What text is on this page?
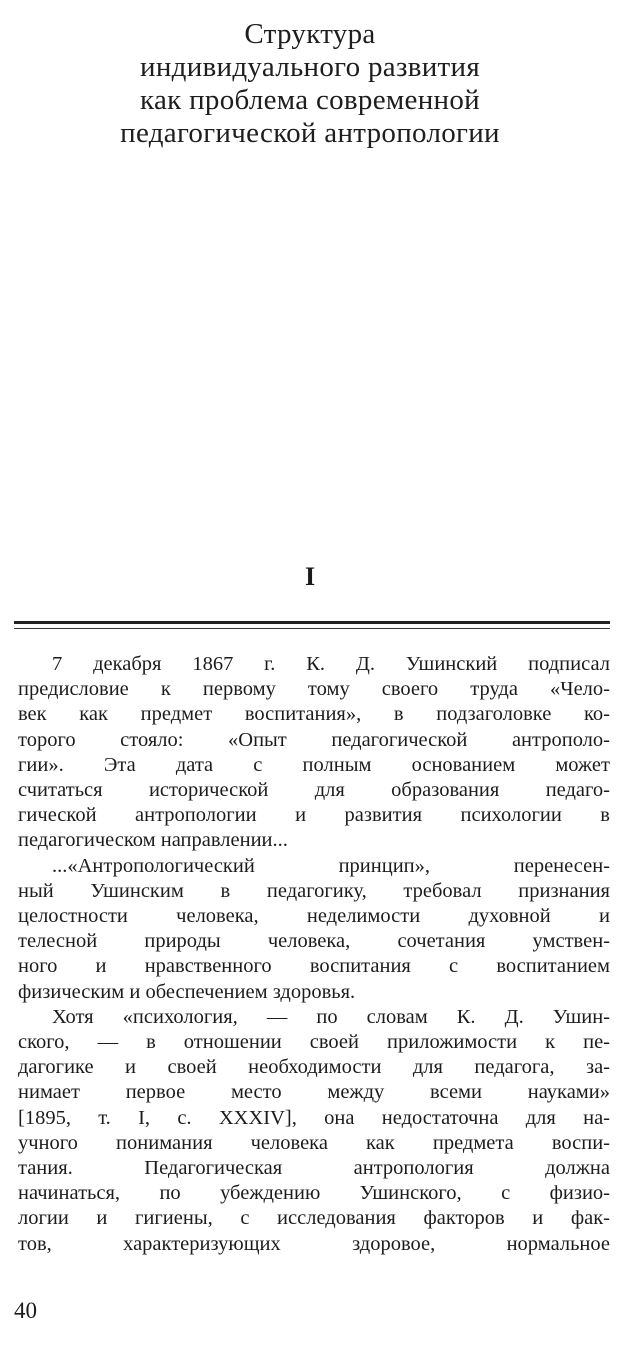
Структура
индивидуального развития
как проблема современной
педагогической антропологии
I
7 декабря 1867 г. К. Д. Ушинский подписал
предисловие к первому тому своего труда «Чело-
век как предмет воспитания», в подзаголовке ко-
торого стояло: «Опыт педагогической антрополо-
гии». Эта дата с полным основанием может
считаться исторической для образования педаго-
гической антропологии и развития психологии в
педагогическом направлении...
...«Антропологический принцип», перенесен-
ный Ушинским в педагогику, требовал признания
целостности человека, неделимости духовной и
телесной природы человека, сочетания умствен-
ного и нравственного воспитания с воспитанием
физическим и обеспечением здоровья.
Хотя «психология, — по словам К. Д. Ушин-
ского, — в отношении своей приложимости к пе-
дагогике и своей необходимости для педагога, за-
нимает первое место между всеми науками»
[1895, т. I, с. XXXIV], она недостаточна для на-
учного понимания человека как предмета воспи-
тания. Педагогическая антропология должна
начинаться, по убеждению Ушинского, с физио-
логии и гигиены, с исследования факторов и фак-
тов, характеризующих здоровое, нормальное
40
